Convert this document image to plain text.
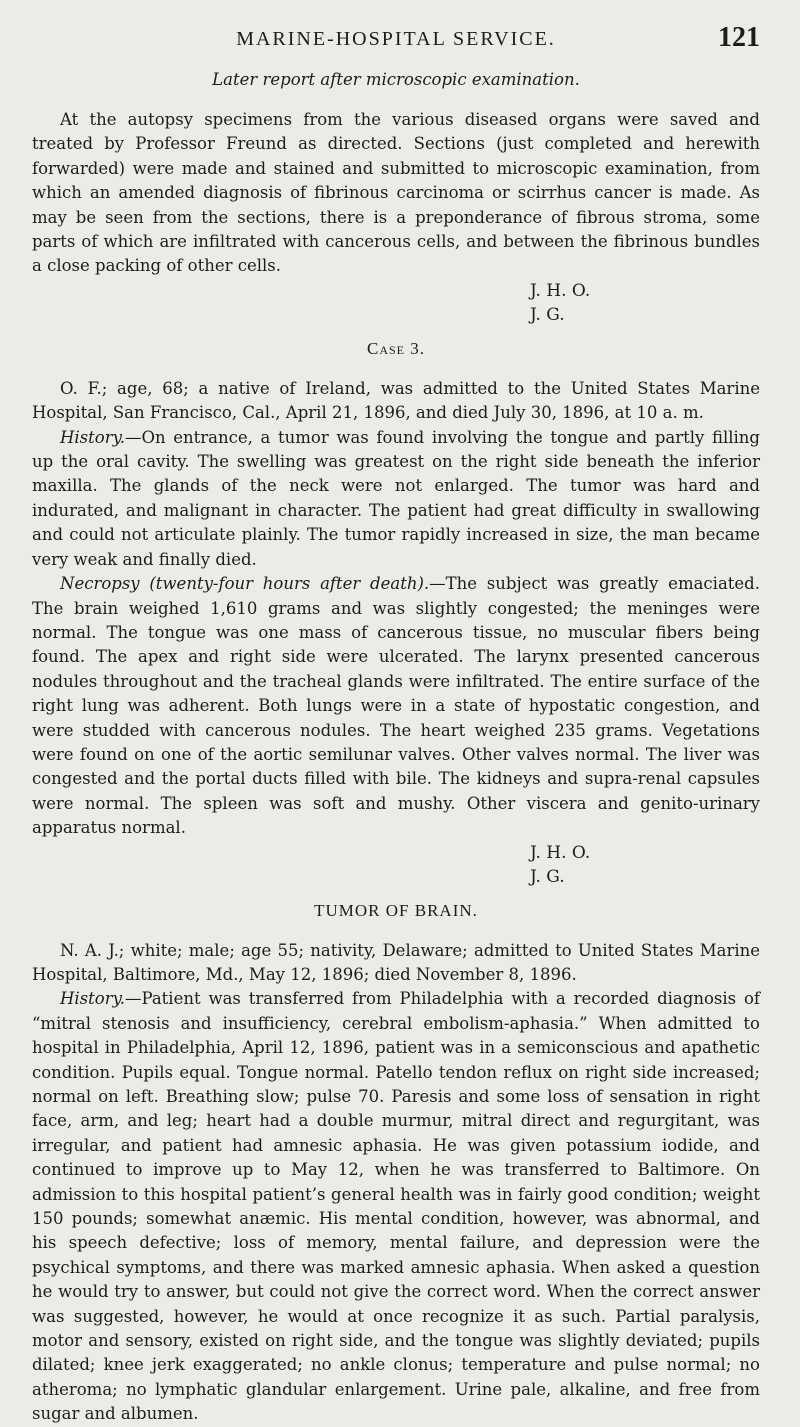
MARINE-HOSPITAL SERVICE.	121
Later report after microscopic examination.

At the autopsy specimens from the various diseased organs were saved and treated by Professor Freund as directed. Sections (just completed and herewith forwarded) were made and stained and submitted to microscopic examination, from which an amended diagnosis of fibrinous carcinoma or scirrhus cancer is made. As may be seen from the sections, there is a preponderance of fibrous stroma, some parts of which are infiltrated with cancerous cells, and between the fibrinous bundles a close packing of other cells.

J. H. O.
J. G.
Case 3.

O. F.; age, 68; a native of Ireland, was admitted to the United States Marine Hospital, San Francisco, Cal., April 21, 1896, and died July 30, 1896, at 10 a. m.

History.—On entrance, a tumor was found involving the tongue and partly filling up the oral cavity. The swelling was greatest on the right side beneath the inferior maxilla. The glands of the neck were not enlarged. The tumor was hard and indurated, and malignant in character. The patient had great difficulty in swallowing and could not articulate plainly. The tumor rapidly increased in size, the man became very weak and finally died.

Necropsy (twenty-four hours after death).—The subject was greatly emaciated. The brain weighed 1,610 grams and was slightly congested; the meninges were normal. The tongue was one mass of cancerous tissue, no muscular fibers being found. The apex and right side were ulcerated. The larynx presented cancerous nodules throughout and the tracheal glands were infiltrated. The entire surface of the right lung was adherent. Both lungs were in a state of hypostatic congestion, and were studded with cancerous nodules. The heart weighed 235 grams. Vegetations were found on one of the aortic semilunar valves. Other valves normal. The liver was congested and the portal ducts filled with bile. The kidneys and supra-renal capsules were normal. The spleen was soft and mushy. Other viscera and genito-urinary apparatus normal.

J. H. O.
J. G.
TUMOR OF BRAIN.

N. A. J.; white; male; age 55; nativity, Delaware; admitted to United States Marine Hospital, Baltimore, Md., May 12, 1896; died November 8, 1896.

History.—Patient was transferred from Philadelphia with a recorded diagnosis of “mitral stenosis and insufficiency, cerebral embolism-aphasia.” When admitted to hospital in Philadelphia, April 12, 1896, patient was in a semiconscious and apathetic condition. Pupils equal. Tongue normal. Patello tendon reflux on right side increased; normal on left. Breathing slow; pulse 70. Paresis and some loss of sensation in right face, arm, and leg; heart had a double murmur, mitral direct and regurgitant, was irregular, and patient had amnesic aphasia. He was given potassium iodide, and continued to improve up to May 12, when he was transferred to Baltimore. On admission to this hospital patient’s general health was in fairly good condition; weight 150 pounds; somewhat anæmic. His mental condition, however, was abnormal, and his speech defective; loss of memory, mental failure, and depression were the psychical symptoms, and there was marked amnesic aphasia. When asked a question he would try to answer, but could not give the correct word. When the correct answer was suggested, however, he would at once recognize it as such. Partial paralysis, motor and sensory, existed on right side, and the tongue was slightly deviated; pupils dilated; knee jerk exaggerated; no ankle clonus; temperature and pulse normal; no atheroma; no lymphatic glandular enlargement. Urine pale, alkaline, and free from sugar and albumen.
